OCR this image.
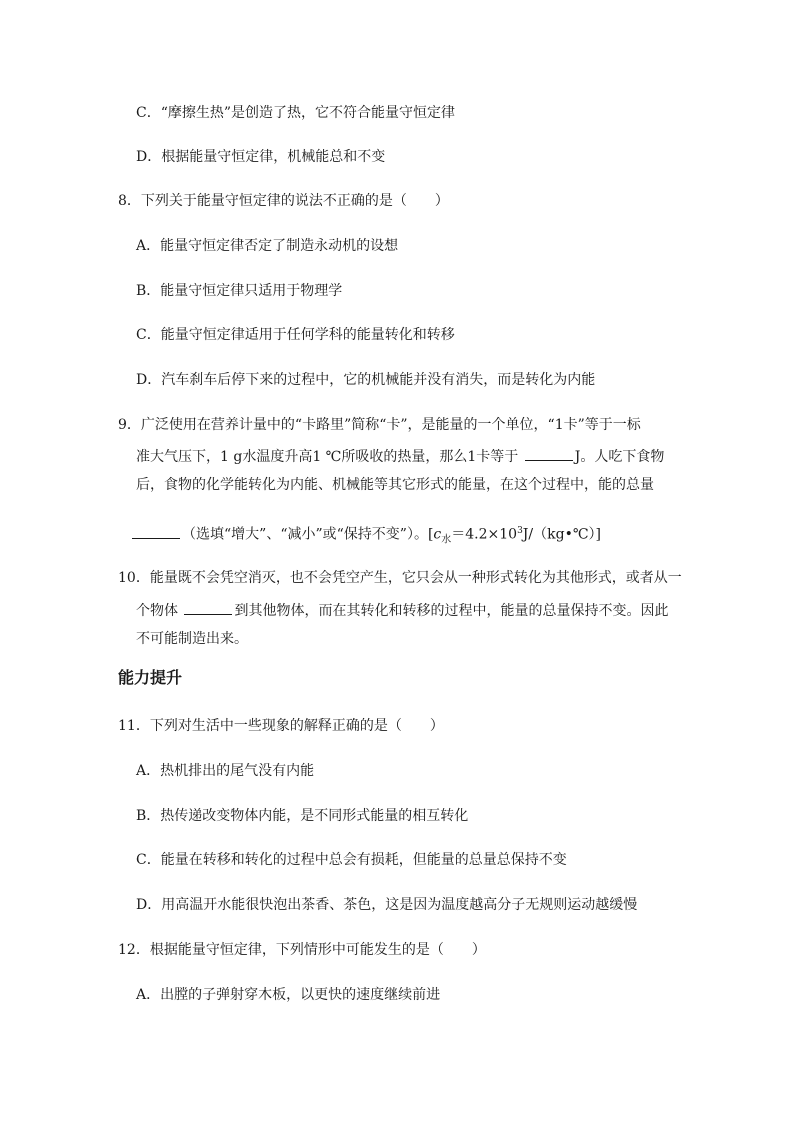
C．“摩擦生热”是创造了热，它不符合能量守恒定律
D．根据能量守恒定律，机械能总和不变
8．下列关于能量守恒定律的说法不正确的是（　　）
A．能量守恒定律否定了制造永动机的设想
B．能量守恒定律只适用于物理学
C．能量守恒定律适用于任何学科的能量转化和转移
D．汽车刹车后停下来的过程中，它的机械能并没有消失，而是转化为内能
9．广泛使用在营养计量中的“卡路里”简称“卡”，是能量的一个单位，“1卡”等于一标
准大气压下，1 g水温度升高1 ℃所吸收的热量，那么1卡等于	J。人吃下食物
后，食物的化学能转化为内能、机械能等其它形式的能量，在这个过程中，能的总量
（选填“增大”、“减小”或“保持不变”）。$[c_水=4.2\times 10^3J/(kg•℃)]$
10．能量既不会凭空消灭，也不会凭空产生，它只会从一种形式转化为其他形式，或者从一
个物体	到其他物体，而在其转化和转移的过程中，能量的总量保持不变。因此
不可能制造出来。
能力提升
11．下列对生活中一些现象的解释正确的是（　　）
A．热机排出的尾气没有内能
B．热传递改变物体内能，是不同形式能量的相互转化
C．能量在转移和转化的过程中总会有损耗，但能量的总量总保持不变
D．用高温开水能很快泡出茶香、茶色，这是因为温度越高分子无规则运动越缓慢
12．根据能量守恒定律，下列情形中可能发生的是（　　）
A．出膛的子弹射穿木板，以更快的速度继续前进
